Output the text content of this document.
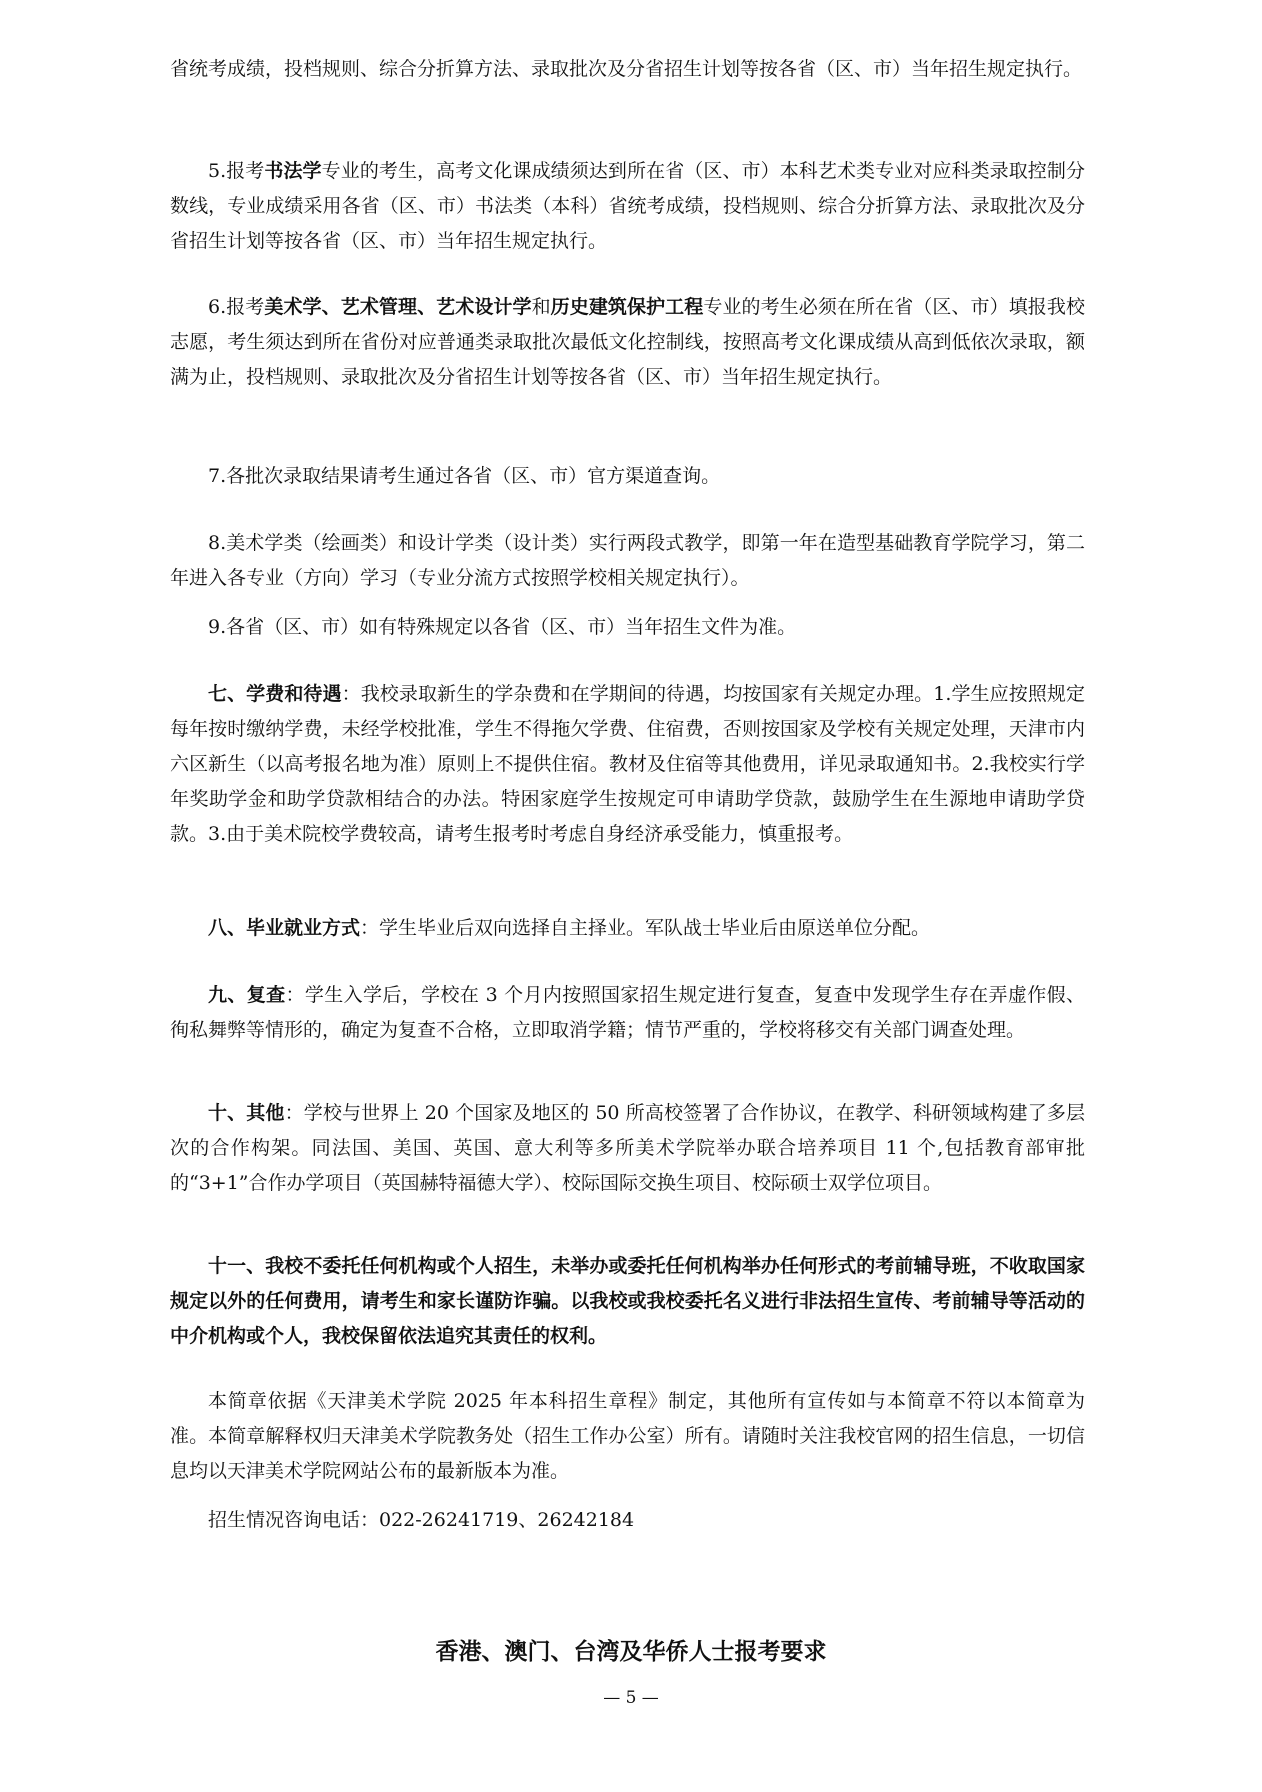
省统考成绩，投档规则、综合分折算方法、录取批次及分省招生计划等按各省（区、市）当年招生规定执行。

5.报考书法学专业的考生，高考文化课成绩须达到所在省（区、市）本科艺术类专业对应科类录取控制分数线，专业成绩采用各省（区、市）书法类（本科）省统考成绩，投档规则、综合分折算方法、录取批次及分省招生计划等按各省（区、市）当年招生规定执行。

6.报考美术学、艺术管理、艺术设计学和历史建筑保护工程专业的考生必须在所在省（区、市）填报我校志愿，考生须达到所在省份对应普通类录取批次最低文化控制线，按照高考文化课成绩从高到低依次录取，额满为止，投档规则、录取批次及分省招生计划等按各省（区、市）当年招生规定执行。

7.各批次录取结果请考生通过各省（区、市）官方渠道查询。

8.美术学类（绘画类）和设计学类（设计类）实行两段式教学，即第一年在造型基础教育学院学习，第二年进入各专业（方向）学习（专业分流方式按照学校相关规定执行）。

9.各省（区、市）如有特殊规定以各省（区、市）当年招生文件为准。

七、学费和待遇：我校录取新生的学杂费和在学期间的待遇，均按国家有关规定办理。1.学生应按照规定每年按时缴纳学费，未经学校批准，学生不得拖欠学费、住宿费，否则按国家及学校有关规定处理，天津市内六区新生（以高考报名地为准）原则上不提供住宿。教材及住宿等其他费用，详见录取通知书。2.我校实行学年奖助学金和助学贷款相结合的办法。特困家庭学生按规定可申请助学贷款，鼓励学生在生源地申请助学贷款。3.由于美术院校学费较高，请考生报考时考虑自身经济承受能力，慎重报考。

八、毕业就业方式：学生毕业后双向选择自主择业。军队战士毕业后由原送单位分配。

九、复查：学生入学后，学校在 3 个月内按照国家招生规定进行复查，复查中发现学生存在弄虚作假、徇私舞弊等情形的，确定为复查不合格，立即取消学籍；情节严重的，学校将移交有关部门调查处理。

十、其他：学校与世界上 20 个国家及地区的 50 所高校签署了合作协议，在教学、科研领域构建了多层次的合作构架。同法国、美国、英国、意大利等多所美术学院举办联合培养项目 11 个,包括教育部审批的“3+1”合作办学项目（英国赫特福德大学）、校际国际交换生项目、校际硕士双学位项目。

十一、我校不委托任何机构或个人招生，未举办或委托任何机构举办任何形式的考前辅导班，不收取国家规定以外的任何费用，请考生和家长谨防诈骗。以我校或我校委托名义进行非法招生宣传、考前辅导等活动的中介机构或个人，我校保留依法追究其责任的权利。

本简章依据《天津美术学院 2025 年本科招生章程》制定，其他所有宣传如与本简章不符以本简章为准。本简章解释权归天津美术学院教务处（招生工作办公室）所有。请随时关注我校官网的招生信息，一切信息均以天津美术学院网站公布的最新版本为准。

招生情况咨询电话：022-26241719、26242184

香港、澳门、台湾及华侨人士报考要求
— 5 —
